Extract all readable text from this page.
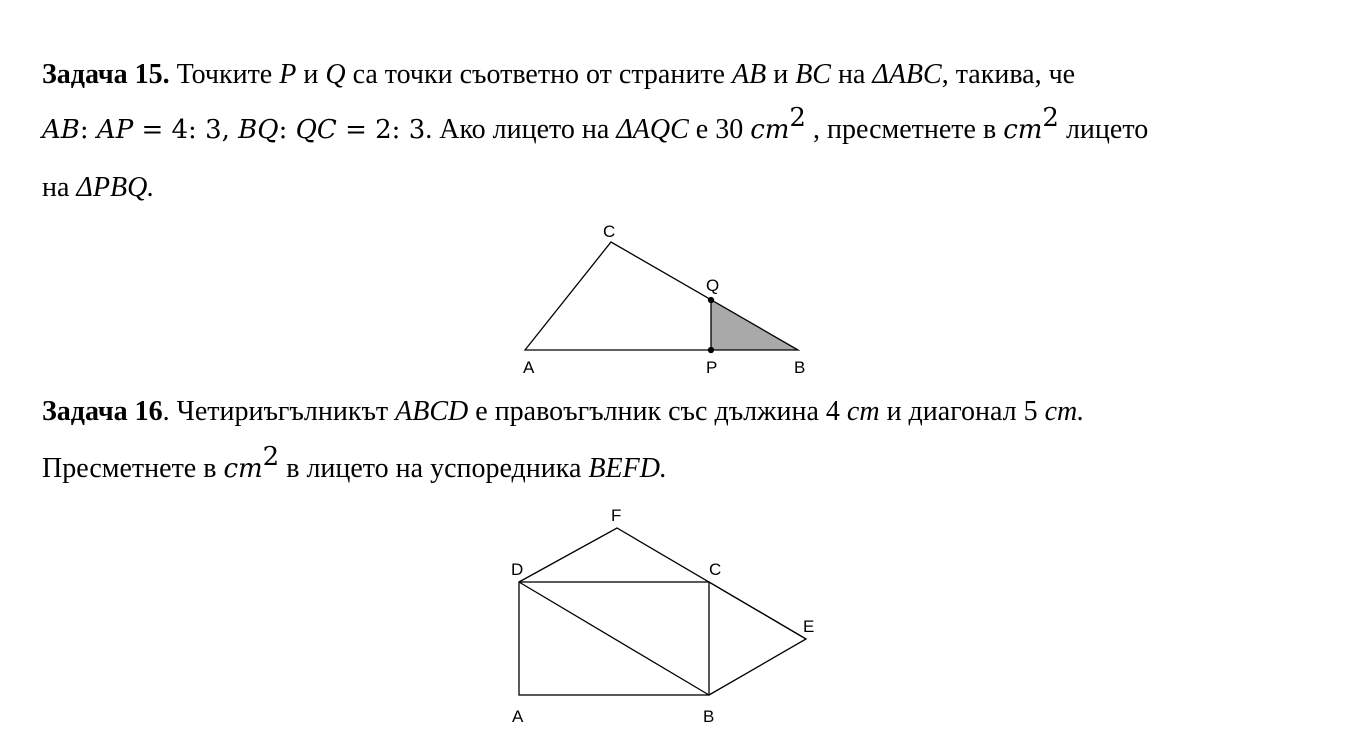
Задача 15. Точките P и Q са точки съответно от страните AB и BC на ΔABC, такива, че
AB: AP = 4: 3, BQ: QC = 2: 3. Ако лицето на ΔAQC е 30 $cm^2$ , пресметнете в $cm^2$ лицето
на ΔPBQ.
Задача 16. Четириъгълникът ABCD е правоъгълник със дължина 4 cm и диагонал 5 cm.
Пресметнете в $cm^2$ в лицето на успоредника BEFD.
C
Q
A	P	B
F
D	C
E
A	B
